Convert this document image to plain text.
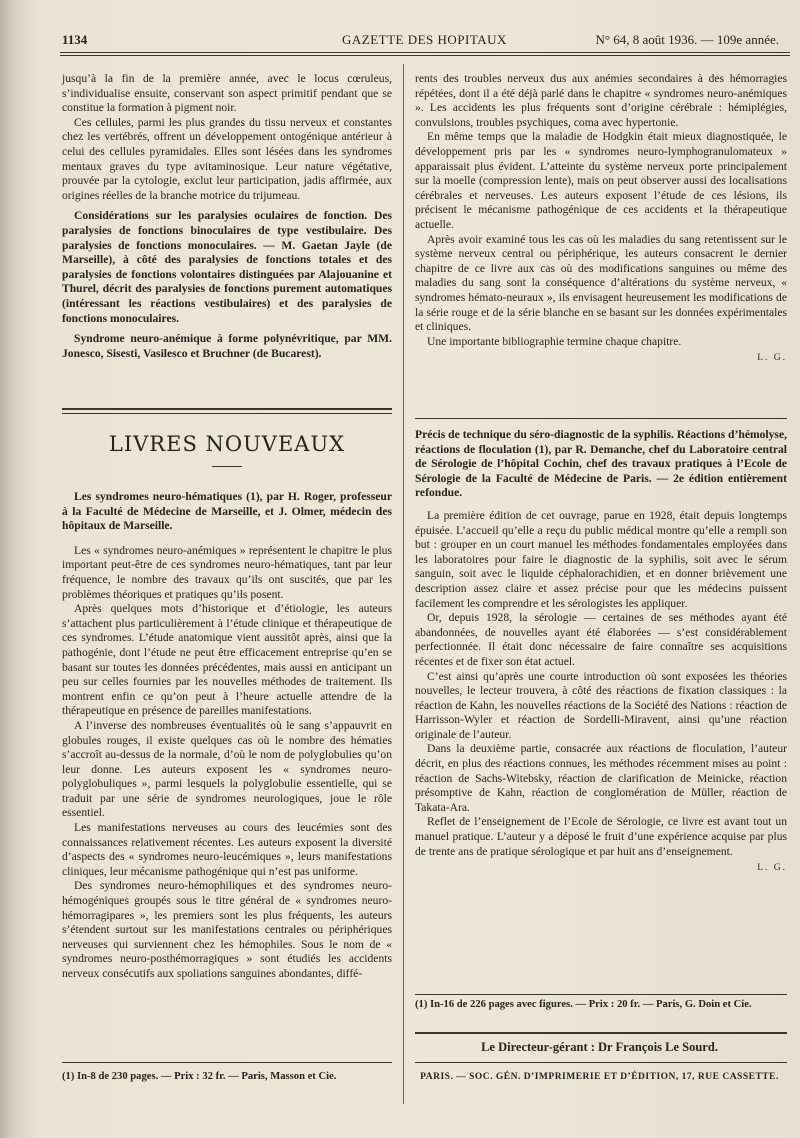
1134	GAZETTE DES HOPITAUX	N° 64, 8 août 1936. — 109e année.

jusqu’à la fin de la première année, avec le locus cœruleus, s’individualise ensuite, conservant son aspect primitif pendant que se constitue la formation à pigment noir.

Ces cellules, parmi les plus grandes du tissu nerveux et constantes chez les vertébrés, offrent un développement ontogénique antérieur à celui des cellules pyramidales. Elles sont lésées dans les syndromes mentaux graves du type avitaminosique. Leur nature végétative, prouvée par la cytologie, exclut leur participation, jadis affirmée, aux origines réelles de la branche motrice du trijumeau.

Considérations sur les paralysies oculaires de fonction. Des paralysies de fonctions binoculaires de type vestibulaire. Des paralysies de fonctions monoculaires. — M. Gaetan Jayle (de Marseille), à côté des paralysies de fonctions totales et des paralysies de fonctions volontaires distinguées par Alajouanine et Thurel, décrit des paralysies de fonctions purement automatiques (intéressant les réactions vestibulaires) et des paralysies de fonctions monoculaires.

Syndrome neuro-anémique à forme polynévritique, par MM. Jonesco, Sisesti, Vasilesco et Bruchner (de Bucarest).

LIVRES NOUVEAUX

Les syndromes neuro-hématiques (1), par H. Roger, professeur à la Faculté de Médecine de Marseille, et J. Olmer, médecin des hôpitaux de Marseille.

Les « syndromes neuro-anémiques » représentent le chapitre le plus important peut-être de ces syndromes neuro-hématiques, tant par leur fréquence, le nombre des travaux qu’ils ont suscités, que par les problèmes théoriques et pratiques qu’ils posent.

Après quelques mots d’historique et d’étiologie, les auteurs s’attachent plus particulièrement à l’étude clinique et thérapeutique de ces syndromes. L’étude anatomique vient aussitôt après, ainsi que la pathogénie, dont l’étude ne peut être efficacement entreprise qu’en se basant sur toutes les données précédentes, mais aussi en anticipant un peu sur celles fournies par les nouvelles méthodes de traitement. Ils montrent enfin ce qu’on peut à l’heure actuelle attendre de la thérapeutique en présence de pareilles manifestations.

A l’inverse des nombreuses éventualités où le sang s’appauvrit en globules rouges, il existe quelques cas où le nombre des hématies s’accroît au-dessus de la normale, d’où le nom de polyglobulies qu’on leur donne. Les auteurs exposent les « syndromes neuro-polyglobuliques », parmi lesquels la polyglobulie essentielle, qui se traduit par une série de syndromes neurologiques, joue le rôle essentiel.

Les manifestations nerveuses au cours des leucémies sont des connaissances relativement récentes. Les auteurs exposent la diversité d’aspects des « syndromes neuro-leucémiques », leurs manifestations cliniques, leur mécanisme pathogénique qui n’est pas uniforme.

Des syndromes neuro-hémophiliques et des syndromes neuro-hémogéniques groupés sous le titre général de « syndromes neuro-hémorragipares », les premiers sont les plus fréquents, les auteurs s’étendent surtout sur les manifestations centrales ou périphériques nerveuses qui surviennent chez les hémophiles. Sous le nom de « syndromes neuro-posthémorragiques » sont étudiés les accidents nerveux consécutifs aux spoliations sanguines abondantes, diffé-

(1) In-8 de 230 pages. — Prix : 32 fr. — Paris, Masson et Cie.

rents des troubles nerveux dus aux anémies secondaires à des hémorragies répétées, dont il a été déjà parlé dans le chapitre « syndromes neuro-anémiques ». Les accidents les plus fréquents sont d’origine cérébrale : hémiplégies, convulsions, troubles psychiques, coma avec hypertonie.

En même temps que la maladie de Hodgkin était mieux diagnostiquée, le développement pris par les « syndromes neuro-lymphogranulomateux » apparaissait plus évident. L’atteinte du système nerveux porte principalement sur la moelle (compression lente), mais on peut observer aussi des localisations cérébrales et nerveuses. Les auteurs exposent l’étude de ces lésions, ils précisent le mécanisme pathogénique de ces accidents et la thérapeutique actuelle.

Après avoir examiné tous les cas où les maladies du sang retentissent sur le système nerveux central ou périphérique, les auteurs consacrent le dernier chapitre de ce livre aux cas où des modifications sanguines ou même des maladies du sang sont la conséquence d’altérations du système nerveux, « syndromes hémato-neuraux », ils envisagent heureusement les modifications de la série rouge et de la série blanche en se basant sur les données expérimentales et cliniques.

Une importante bibliographie termine chaque chapitre.

L. G.

Précis de technique du séro-diagnostic de la syphilis. Réactions d’hémolyse, réactions de floculation (1), par R. Demanche, chef du Laboratoire central de Sérologie de l’hôpital Cochin, chef des travaux pratiques à l’Ecole de Sérologie de la Faculté de Médecine de Paris. — 2e édition entièrement refondue.

La première édition de cet ouvrage, parue en 1928, était depuis longtemps épuisée. L’accueil qu’elle a reçu du public médical montre qu’elle a rempli son but : grouper en un court manuel les méthodes fondamentales employées dans les laboratoires pour faire le diagnostic de la syphilis, soit avec le sérum sanguin, soit avec le liquide céphalorachidien, et en donner brièvement une description assez claire et assez précise pour que les médecins puissent facilement les comprendre et les sérologistes les appliquer.

Or, depuis 1928, la sérologie — certaines de ses méthodes ayant été abandonnées, de nouvelles ayant été élaborées — s’est considérablement perfectionnée. Il était donc nécessaire de faire connaître ses acquisitions récentes et de fixer son état actuel.

C’est ainsi qu’après une courte introduction où sont exposées les théories nouvelles, le lecteur trouvera, à côté des réactions de fixation classiques : la réaction de Kahn, les nouvelles réactions de la Société des Nations : réaction de Harrisson-Wyler et réaction de Sordelli-Miravent, ainsi qu’une réaction originale de l’auteur.

Dans la deuxième partie, consacrée aux réactions de floculation, l’auteur décrit, en plus des réactions connues, les méthodes récemment mises au point : réaction de Sachs-Witebsky, réaction de clarification de Meinicke, réaction présomptive de Kahn, réaction de conglomération de Müller, réaction de Takata-Ara.

Reflet de l’enseignement de l’Ecole de Sérologie, ce livre est avant tout un manuel pratique. L’auteur y a déposé le fruit d’une expérience acquise par plus de trente ans de pratique sérologique et par huit ans d’enseignement.

L. G.

(1) In-16 de 226 pages avec figures. — Prix : 20 fr. — Paris, G. Doin et Cie.

Le Directeur-gérant : Dr François Le Sourd.
PARIS. — SOC. GÉN. D’IMPRIMERIE ET D’ÉDITION, 17, RUE CASSETTE.
